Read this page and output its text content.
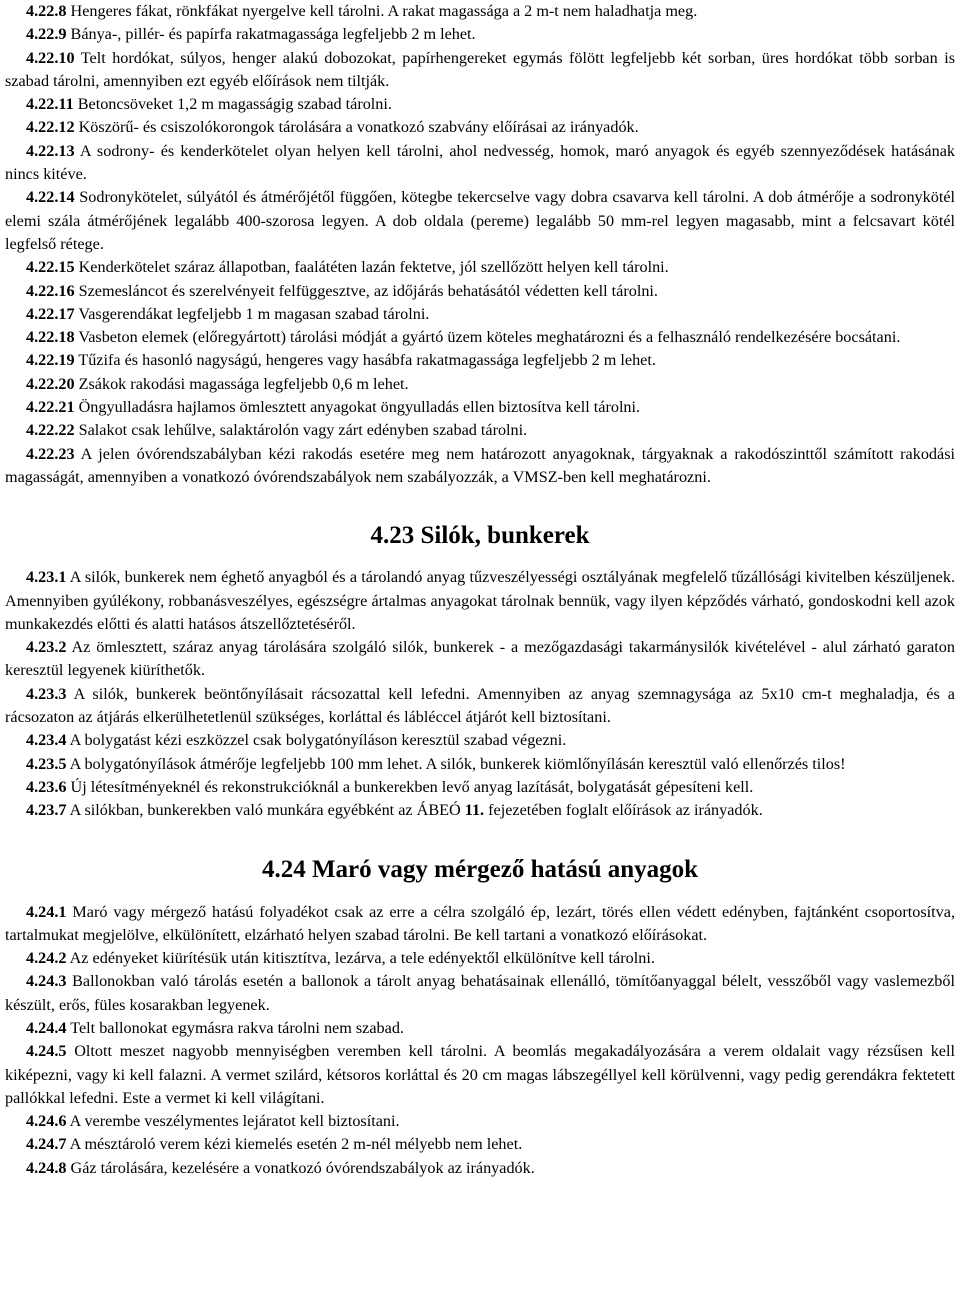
4.22.8 Hengeres fákat, rönkfákat nyergelve kell tárolni. A rakat magassága a 2 m-t nem haladhatja meg.

4.22.9 Bánya-, pillér- és papírfa rakatmagassága legfeljebb 2 m lehet.

4.22.10 Telt hordókat, súlyos, henger alakú dobozokat, papírhengereket egymás fölött legfeljebb két sorban, üres hordókat több sorban is szabad tárolni, amennyiben ezt egyéb előírások nem tiltják.

4.22.11 Betoncsöveket 1,2 m magasságig szabad tárolni.

4.22.12 Köszörű- és csiszolókorongok tárolására a vonatkozó szabvány előírásai az irányadók.

4.22.13 A sodrony- és kenderkötelet olyan helyen kell tárolni, ahol nedvesség, homok, maró anyagok és egyéb szennyeződések hatásának nincs kitéve.

4.22.14 Sodronykötelet, súlyától és átmérőjétől függően, kötegbe tekercselve vagy dobra csavarva kell tárolni. A dob átmérője a sodronykötél elemi szála átmérőjének legalább 400-szorosa legyen. A dob oldala (pereme) legalább 50 mm-rel legyen magasabb, mint a felcsavart kötél legfelső rétege.

4.22.15 Kenderkötelet száraz állapotban, faalátéten lazán fektetve, jól szellőzött helyen kell tárolni.

4.22.16 Szemesláncot és szerelvényeit felfüggesztve, az időjárás behatásától védetten kell tárolni.

4.22.17 Vasgerendákat legfeljebb 1 m magasan szabad tárolni.

4.22.18 Vasbeton elemek (előregyártott) tárolási módját a gyártó üzem köteles meghatározni és a felhasználó rendelkezésére bocsátani.

4.22.19 Tűzifa és hasonló nagyságú, hengeres vagy hasábfa rakatmagassága legfeljebb 2 m lehet.

4.22.20 Zsákok rakodási magassága legfeljebb 0,6 m lehet.

4.22.21 Öngyulladásra hajlamos ömlesztett anyagokat öngyulladás ellen biztosítva kell tárolni.

4.22.22 Salakot csak lehűlve, salaktárolón vagy zárt edényben szabad tárolni.

4.22.23 A jelen óvórendszabályban kézi rakodás esetére meg nem határozott anyagoknak, tárgyaknak a rakodószinttől számított rakodási magasságát, amennyiben a vonatkozó óvórendszabályok nem szabályozzák, a VMSZ-ben kell meghatározni.

4.23 Silók, bunkerek

4.23.1 A silók, bunkerek nem éghető anyagból és a tárolandó anyag tűzveszélyességi osztályának megfelelő tűzállósági kivitelben készüljenek. Amennyiben gyúlékony, robbanásveszélyes, egészségre ártalmas anyagokat tárolnak bennük, vagy ilyen képződés várható, gondoskodni kell azok munkakezdés előtti és alatti hatásos átszellőztetéséről.

4.23.2 Az ömlesztett, száraz anyag tárolására szolgáló silók, bunkerek - a mezőgazdasági takarmánysilók kivételével - alul zárható garaton keresztül legyenek kiüríthetők.

4.23.3 A silók, bunkerek beöntőnyílásait rácsozattal kell lefedni. Amennyiben az anyag szemnagysága az 5x10 cm-t meghaladja, és a rácsozaton az átjárás elkerülhetetlenül szükséges, korláttal és lábléccel átjárót kell biztosítani.

4.23.4 A bolygatást kézi eszközzel csak bolygatónyíláson keresztül szabad végezni.

4.23.5 A bolygatónyílások átmérője legfeljebb 100 mm lehet. A silók, bunkerek kiömlőnyílásán keresztül való ellenőrzés tilos!

4.23.6 Új létesítményeknél és rekonstrukcióknál a bunkerekben levő anyag lazítását, bolygatását gépesíteni kell.

4.23.7 A silókban, bunkerekben való munkára egyébként az ÁBEÓ 11. fejezetében foglalt előírások az irányadók.

4.24 Maró vagy mérgező hatású anyagok

4.24.1 Maró vagy mérgező hatású folyadékot csak az erre a célra szolgáló ép, lezárt, törés ellen védett edényben, fajtánként csoportosítva, tartalmukat megjelölve, elkülönített, elzárható helyen szabad tárolni. Be kell tartani a vonatkozó előírásokat.

4.24.2 Az edényeket kiürítésük után kitisztítva, lezárva, a tele edényektől elkülönítve kell tárolni.

4.24.3 Ballonokban való tárolás esetén a ballonok a tárolt anyag behatásainak ellenálló, tömítőanyaggal bélelt, vesszőből vagy vaslemezből készült, erős, füles kosarakban legyenek.

4.24.4 Telt ballonokat egymásra rakva tárolni nem szabad.

4.24.5 Oltott meszet nagyobb mennyiségben veremben kell tárolni. A beomlás megakadályozására a verem oldalait vagy rézsűsen kell kiképezni, vagy ki kell falazni. A vermet szilárd, kétsoros korláttal és 20 cm magas lábszegéllyel kell körülvenni, vagy pedig gerendákra fektetett pallókkal lefedni. Este a vermet ki kell világítani.

4.24.6 A verembe veszélymentes lejáratot kell biztosítani.

4.24.7 A mésztároló verem kézi kiemelés esetén 2 m-nél mélyebb nem lehet.

4.24.8 Gáz tárolására, kezelésére a vonatkozó óvórendszabályok az irányadók.
